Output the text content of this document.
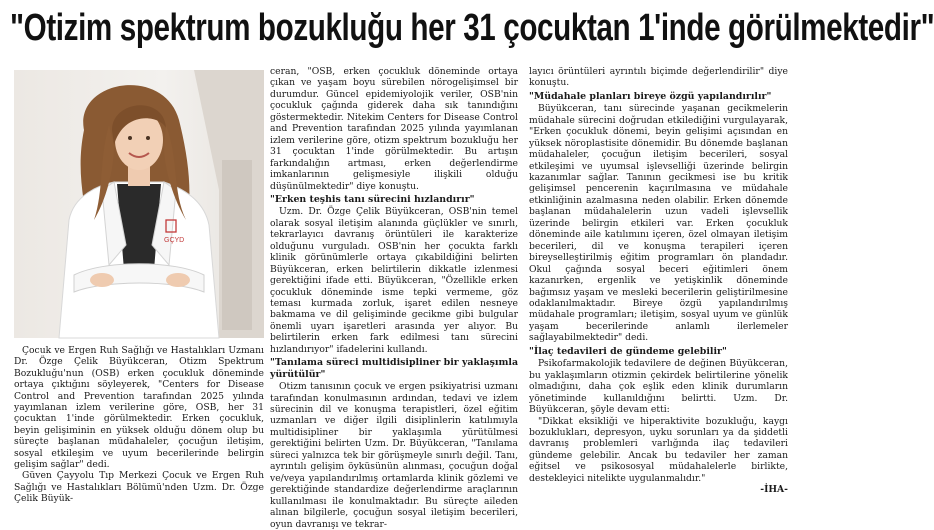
"Otizim spektrum bozukluğu her 31 çocuktan 1'inde görülmektedir"
GÇYD

Çocuk ve Ergen Ruh Sağlığı ve Hastalıkları Uzmanı Dr. Özge Çelik Büyükceran, Otizm Spektrum Bozukluğu'nun (OSB) erken çocukluk döneminde ortaya çıktığını söyleyerek, "Centers for Disease Control and Prevention tarafından 2025 yılında yayımlanan izlem verilerine göre, OSB, her 31 çocuktan 1'inde görülmektedir. Erken çocukluk, beyin gelişiminin en yüksek olduğu dönem olup bu süreçte başlanan müdahaleler, çocuğun iletişim, sosyal etkileşim ve uyum becerilerinde belirgin gelişim sağlar" dedi.

Güven Çayyolu Tıp Merkezi Çocuk ve Ergen Ruh Sağlığı ve Hastalıkları Bölümü'nden Uzm. Dr. Özge Çelik Büyük-

ceran, "OSB, erken çocukluk döneminde ortaya çıkan ve yaşam boyu sürebilen nörogelişimsel bir durumdur. Güncel epidemiyolojik veriler, OSB'nin çocukluk çağında giderek daha sık tanındığını göstermektedir. Nitekim Centers for Disease Control and Prevention tarafından 2025 yılında yayımlanan izlem verilerine göre, otizm spektrum bozukluğu her 31 çocuktan 1'inde görülmektedir. Bu artışın farkındalığın artması, erken değerlendirme imkanlarının gelişmesiyle ilişkili olduğu düşünülmektedir" diye konuştu.

"Erken teşhis tanı sürecini hızlandırır"

Uzm. Dr. Özge Çelik Büyükceran, OSB'nin temel olarak sosyal iletişim alanında güçlükler ve sınırlı, tekrarlayıcı davranış örüntüleri ile karakterize olduğunu vurguladı. OSB'nin her çocukta farklı klinik görünümlerle ortaya çıkabildiğini belirten Büyükceran, erken belirtilerin dikkatle izlenmesi gerektiğini ifade etti. Büyükceran, "Özellikle erken çocukluk döneminde isme tepki vermeme, göz teması kurmada zorluk, işaret edilen nesneye bakmama ve dil gelişiminde gecikme gibi bulgular önemli uyarı işaretleri arasında yer alıyor. Bu belirtilerin erken fark edilmesi tanı sürecini hızlandırıyor" ifadelerini kullandı.

"Tanılama süreci multidisipliner bir yaklaşımla yürütülür"

Otizm tanısının çocuk ve ergen psikiyatrisi uzmanı tarafından konulmasının ardından, tedavi ve izlem sürecinin dil ve konuşma terapistleri, özel eğitim uzmanları ve diğer ilgili disiplinlerin katılımıyla multidisipliner bir yaklaşımla yürütülmesi gerektiğini belirten Uzm. Dr. Büyükceran, "Tanılama süreci yalnızca tek bir görüşmeyle sınırlı değil. Tanı, ayrıntılı gelişim öyküsünün alınması, çocuğun doğal ve/veya yapılandırılmış ortamlarda klinik gözlemi ve gerektiğinde standardize değerlendirme araçlarının kullanılması ile konulmaktadır. Bu süreçte aileden alınan bilgilerle, çocuğun sosyal iletişim becerileri, oyun davranışı ve tekrar-

layıcı örüntüleri ayrıntılı biçimde değerlendirilir" diye konuştu.

"Müdahale planları bireye özgü yapılandırılır"

Büyükceran, tanı sürecinde yaşanan gecikmelerin müdahale sürecini doğrudan etkilediğini vurgulayarak, "Erken çocukluk dönemi, beyin gelişimi açısından en yüksek nöroplastisite dönemidir. Bu dönemde başlanan müdahaleler, çocuğun iletişim becerileri, sosyal etkileşimi ve uyumsal işlevselliği üzerinde belirgin kazanımlar sağlar. Tanının gecikmesi ise bu kritik gelişimsel pencerenin kaçırılmasına ve müdahale etkinliğinin azalmasına neden olabilir. Erken dönemde başlanan müdahalelerin uzun vadeli işlevsellik üzerinde belirgin etkileri var. Erken çocukluk döneminde aile katılımını içeren, özel olmayan iletişim becerileri, dil ve konuşma terapileri içeren bireyselleştirilmiş eğitim programları ön plandadır. Okul çağında sosyal beceri eğitimleri önem kazanırken, ergenlik ve yetişkinlik döneminde bağımsız yaşam ve mesleki becerilerin geliştirilmesine odaklanılmaktadır. Bireye özgü yapılandırılmış müdahale programları; iletişim, sosyal uyum ve günlük yaşam becerilerinde anlamlı ilerlemeler sağlayabilmektedir" dedi.

"İlaç tedavileri de gündeme gelebilir"

Psikofarmakolojik tedavilere de değinen Büyükceran, bu yaklaşımların otizmin çekirdek belirtilerine yönelik olmadığını, daha çok eşlik eden klinik durumların yönetiminde kullanıldığını belirtti. Uzm. Dr. Büyükceran, şöyle devam etti:

"Dikkat eksikliği ve hiperaktivite bozukluğu, kaygı bozuklukları, depresyon, uyku sorunları ya da şiddetli davranış problemleri varlığında ilaç tedavileri gündeme gelebilir. Ancak bu tedaviler her zaman eğitsel ve psikososyal müdahalelerle birlikte, destekleyici nitelikte uygulanmalıdır."

-İHA-
